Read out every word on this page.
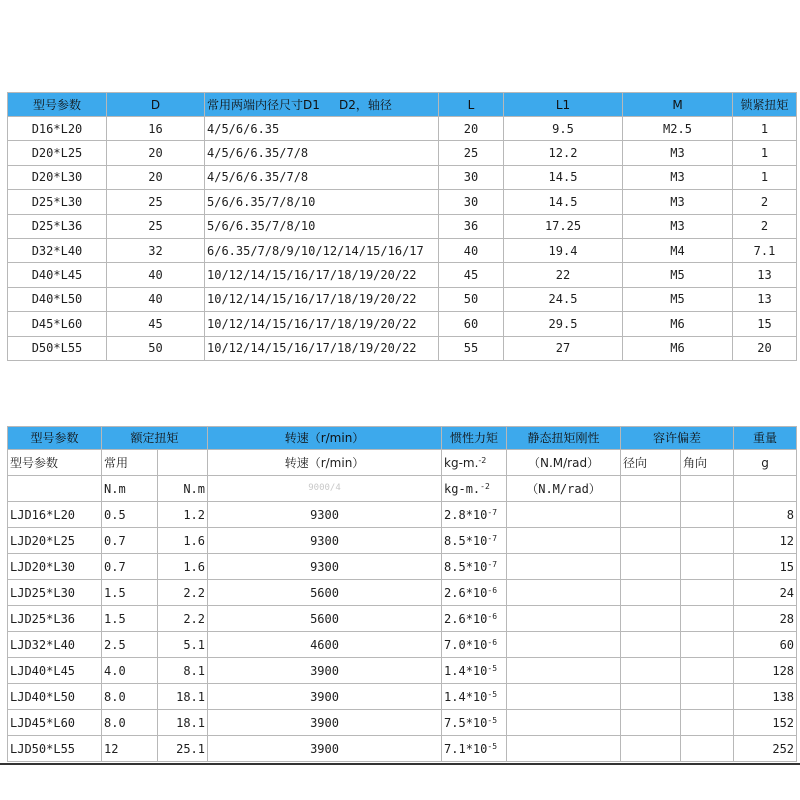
型号参数	D	常用两端内径尺寸D1 D2，轴径	L	L1	M	锁紧扭矩
D16*L20	16	4/5/6/6.35	20	9.5	M2.5	1
D20*L25	20	4/5/6/6.35/7/8	25	12.2	M3	1
D20*L30	20	4/5/6/6.35/7/8	30	14.5	M3	1
D25*L30	25	5/6/6.35/7/8/10	30	14.5	M3	2
D25*L36	25	5/6/6.35/7/8/10	36	17.25	M3	2
D32*L40	32	6/6.35/7/8/9/10/12/14/15/16/17	40	19.4	M4	7.1
D40*L45	40	10/12/14/15/16/17/18/19/20/22	45	22	M5	13
D40*L50	40	10/12/14/15/16/17/18/19/20/22	50	24.5	M5	13
D45*L60	45	10/12/14/15/16/17/18/19/20/22	60	29.5	M6	15
D50*L55	50	10/12/14/15/16/17/18/19/20/22	55	27	M6	20
型号参数	额定扭矩		转速（r/min）	惯性力矩	静态扭矩刚性	容许偏差		重量
型号参数	常用		转速（r/min）	kg-m.$^{-2}$	（N.M/rad）	径向	角向	g
	N.m	N.m	9000/4	kg-m.$^{-2}$	（N.M/rad）			
LJD16*L20	0.5	1.2	9300	$2.8*10^{-7}$				8
LJD20*L25	0.7	1.6	9300	$8.5*10^{-7}$				12
LJD20*L30	0.7	1.6	9300	$8.5*10^{-7}$				15
LJD25*L30	1.5	2.2	5600	$2.6*10^{-6}$				24
LJD25*L36	1.5	2.2	5600	$2.6*10^{-6}$				28
LJD32*L40	2.5	5.1	4600	$7.0*10^{-6}$				60
LJD40*L45	4.0	8.1	3900	$1.4*10^{-5}$				128
LJD40*L50	8.0	18.1	3900	$1.4*10^{-5}$				138
LJD45*L60	8.0	18.1	3900	$7.5*10^{-5}$				152
LJD50*L55	12	25.1	3900	$7.1*10^{-5}$				252
